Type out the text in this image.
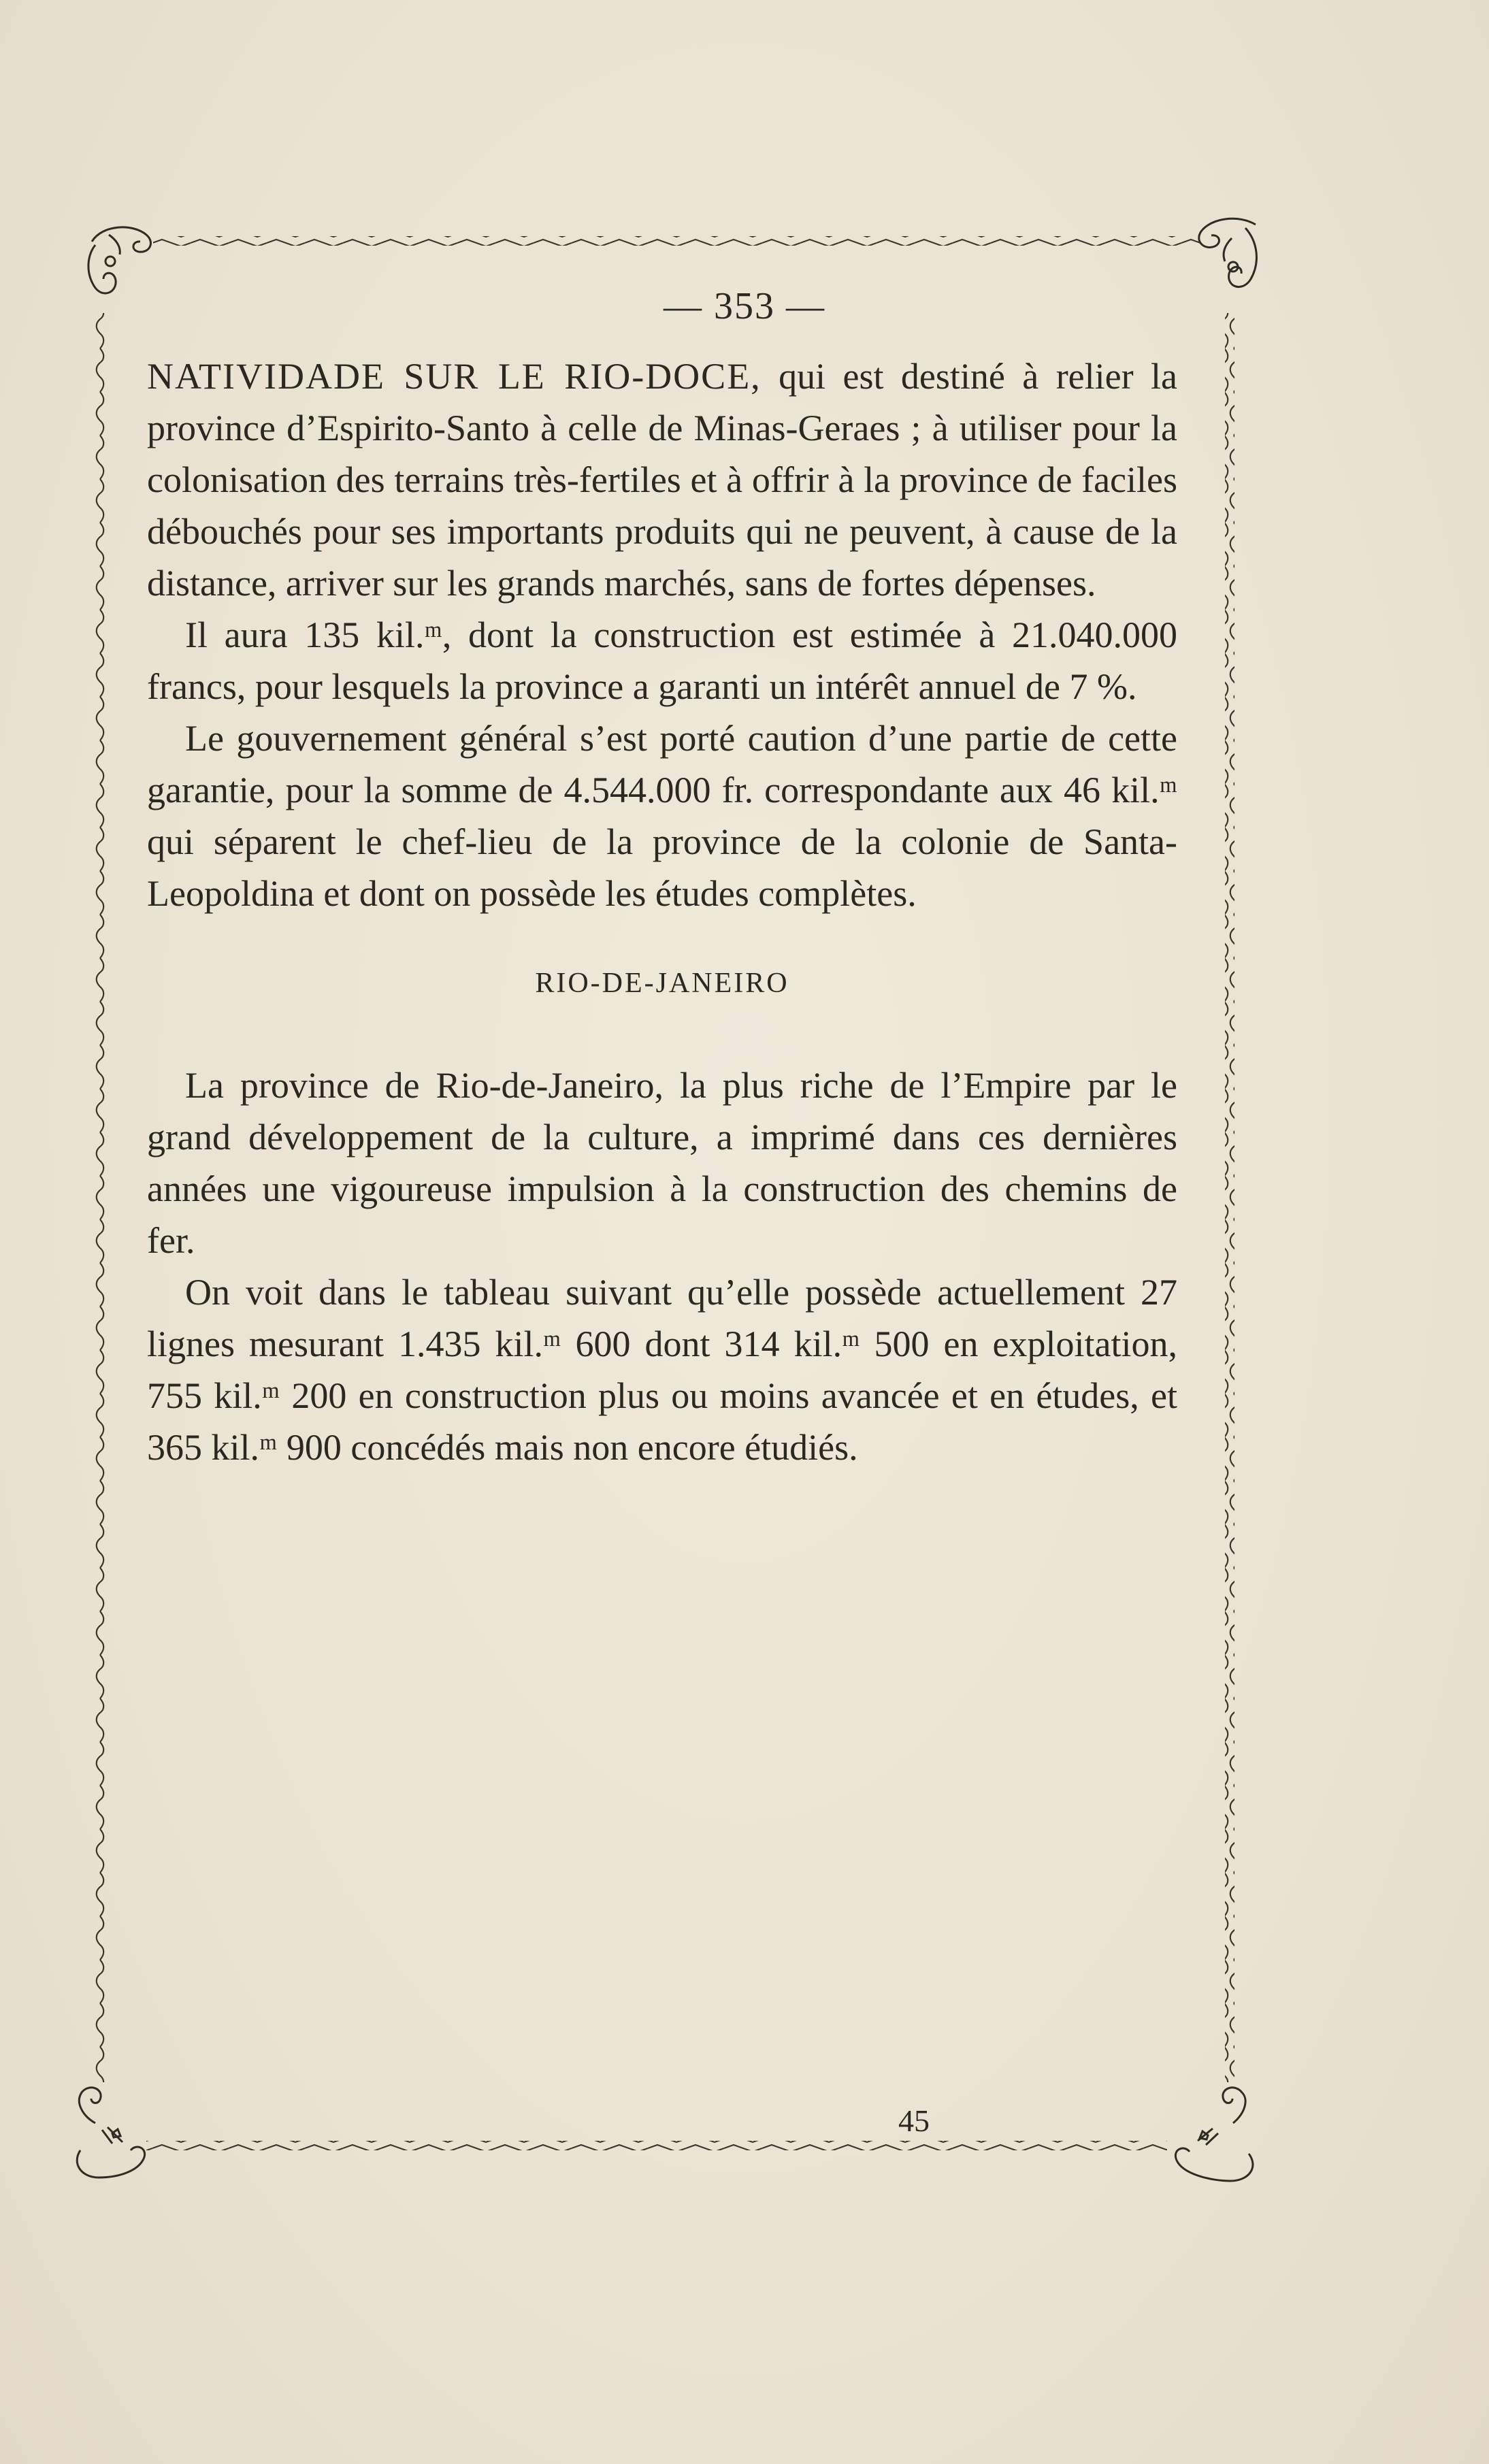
— 353 —

NATIVIDADE SUR LE RIO-DOCE, qui est destiné à relier la province d’Espirito-Santo à celle de Minas-Geraes ; à utiliser pour la colonisation des terrains très-fertiles et à offrir à la province de faciles débouchés pour ses importants produits qui ne peuvent, à cause de la distance, arriver sur les grands marchés, sans de fortes dépenses.

Il aura 135 kil.ᵐ, dont la construction est estimée à 21.040.000 francs, pour lesquels la province a garanti un intérêt annuel de 7 %.

Le gouvernement général s’est porté caution d’une partie de cette garantie, pour la somme de 4.544.000 fr. correspondante aux 46 kil.ᵐ qui séparent le chef-lieu de la province de la colonie de Santa-Leopoldina et dont on possède les études complètes.

RIO-DE-JANEIRO

La province de Rio-de-Janeiro, la plus riche de l’Empire par le grand développement de la culture, a imprimé dans ces dernières années une vigoureuse impulsion à la construction des chemins de fer.

On voit dans le tableau suivant qu’elle possède actuellement 27 lignes mesurant 1.435 kil.ᵐ 600 dont 314 kil.ᵐ 500 en exploitation, 755 kil.ᵐ 200 en construction plus ou moins avancée et en études, et 365 kil.ᵐ 900 concédés mais non encore étudiés.

45
